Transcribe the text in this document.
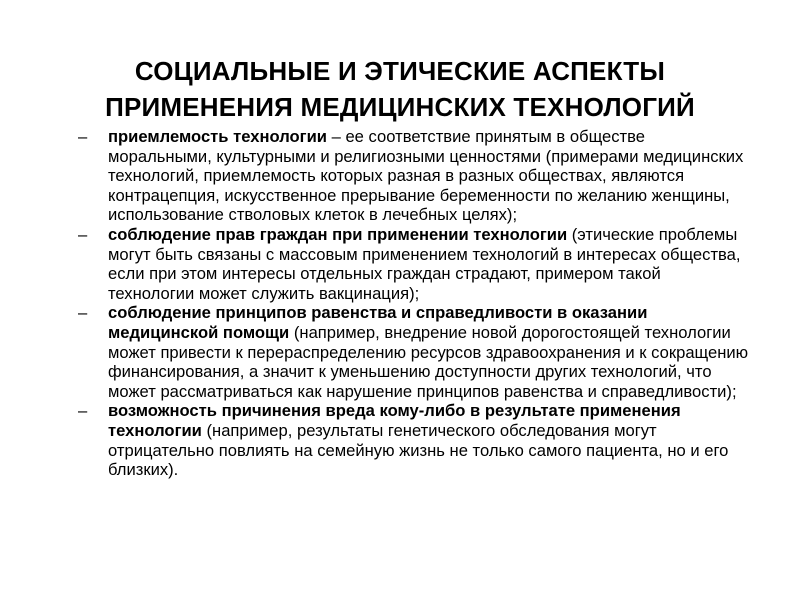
СОЦИАЛЬНЫЕ И ЭТИЧЕСКИЕ АСПЕКТЫ
ПРИМЕНЕНИЯ МЕДИЦИНСКИХ ТЕХНОЛОГИЙ
– приемлемость технологии – ее соответствие принятым в обществе моральными, культурными и религиозными ценностями (примерами медицинских технологий, приемлемость которых разная в разных обществах, являются контрацепция, искусственное прерывание беременности по желанию женщины, использование стволовых клеток в лечебных целях);
– соблюдение прав граждан при применении технологии (этические проблемы могут быть связаны с массовым применением технологий в интересах общества, если при этом интересы отдельных граждан страдают, примером такой технологии может служить вакцинация);
– соблюдение принципов равенства и справедливости в оказании медицинской помощи (например, внедрение новой дорогостоящей технологии может привести к перераспределению ресурсов здравоохранения и к сокращению финансирования, а значит к уменьшению доступности других технологий, что может рассматриваться как нарушение принципов равенства и справедливости);
– возможность причинения вреда кому-либо в результате применения технологии (например, результаты генетического обследования могут отрицательно повлиять на семейную жизнь не только самого пациента, но и его близких).
